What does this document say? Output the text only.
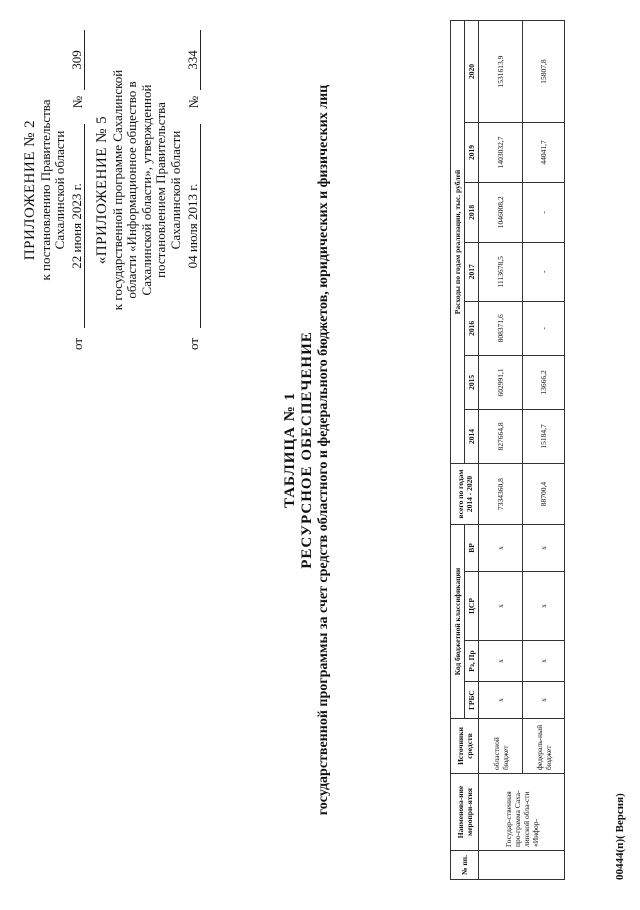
ПРИЛОЖЕНИЕ № 2 к постановлению Правительства Сахалинской области
от
22 июня 2023 г.
№
309
«ПРИЛОЖЕНИЕ № 5 к государственной программе Сахалинской области «Информационное общество в Сахалинской области», утвержденной постановлением Правительства Сахалинской области
от
04 июля 2013 г.
№
334
ТАБЛИЦА № 1 РЕСУРСНОЕ ОБЕСПЕЧЕНИЕ государственной программы за счет средств областного и федерального бюджетов, юридических и физических лиц
№ пп.	Наименова-ние меропри-ятия	Источники средств	Код бюджетной классификации				всего по годам 2014 - 2020	Расходы по годам реализации, тыс. рублей						
			ГРБС	Рз, Пр	ЦСР	ВР		2014	2015	2016	2017	2018	2019	2020
	Государ-ственная про-грамма Саха-линской обла-сти «Инфор-	областной бюджет	х	х	х	х	7334360,8	827664,8	602991,1	808371,6	1113678,5	1046008,2	1403032,7	1531613,9
		федераль-ный бюджет	х	х	х	х	88700,4	15184,7	13666,2	-	-	-	44041,7	15807,8
00444(п)( Версия)
